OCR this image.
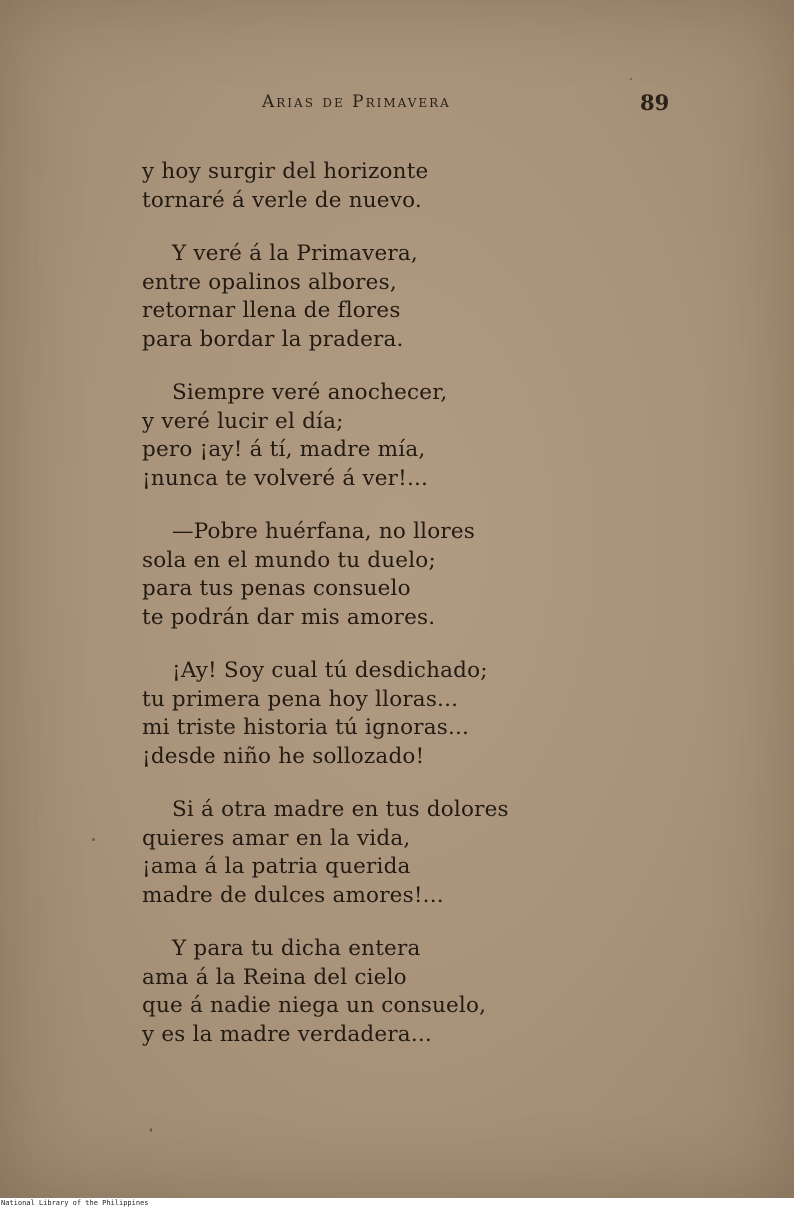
Arias de Primavera	89
y hoy surgir del horizonte
tornaré á verle de nuevo.
Y veré á la Primavera,
entre opalinos albores,
retornar llena de flores
para bordar la pradera.
Siempre veré anochecer,
y veré lucir el día;
pero ¡ay! á tí, madre mía,
¡nunca te volveré á ver!...
—Pobre huérfana, no llores
sola en el mundo tu duelo;
para tus penas consuelo
te podrán dar mis amores.
¡Ay! Soy cual tú desdichado;
tu primera pena hoy lloras...
mi triste historia tú ignoras...
¡desde niño he sollozado!
Si á otra madre en tus dolores
quieres amar en la vida,
¡ama á la patria querida
madre de dulces amores!...
Y para tu dicha entera
ama á la Reina del cielo
que á nadie niega un consuelo,
y es la madre verdadera...
National Library of the Philippines
